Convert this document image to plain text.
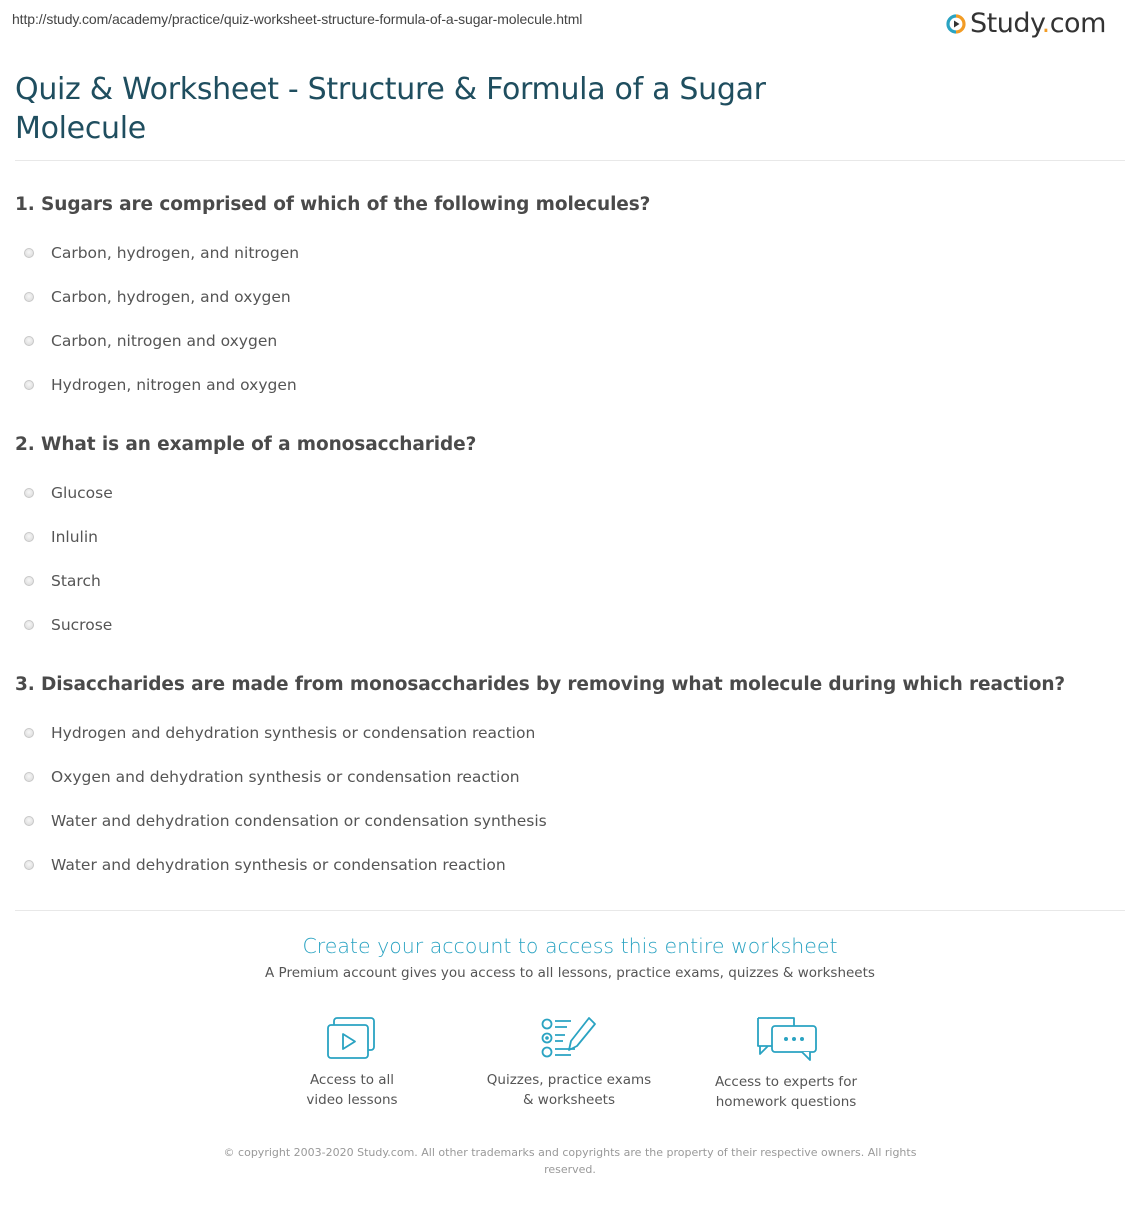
http://study.com/academy/practice/quiz-worksheet-structure-formula-of-a-sugar-molecule.html	Study.com
Quiz & Worksheet - Structure & Formula of a Sugar Molecule
1. Sugars are comprised of which of the following molecules?
Carbon, hydrogen, and nitrogen
Carbon, hydrogen, and oxygen
Carbon, nitrogen and oxygen
Hydrogen, nitrogen and oxygen
2. What is an example of a monosaccharide?
Glucose
Inlulin
Starch
Sucrose
3. Disaccharides are made from monosaccharides by removing what molecule during which reaction?
Hydrogen and dehydration synthesis or condensation reaction
Oxygen and dehydration synthesis or condensation reaction
Water and dehydration condensation or condensation synthesis
Water and dehydration synthesis or condensation reaction
Create your account to access this entire worksheet
A Premium account gives you access to all lessons, practice exams, quizzes & worksheets
Access to all
video lessons
Quizzes, practice exams
& worksheets
Access to experts for
homework questions
© copyright 2003-2020 Study.com. All other trademarks and copyrights are the property of their respective owners. All rights reserved.
